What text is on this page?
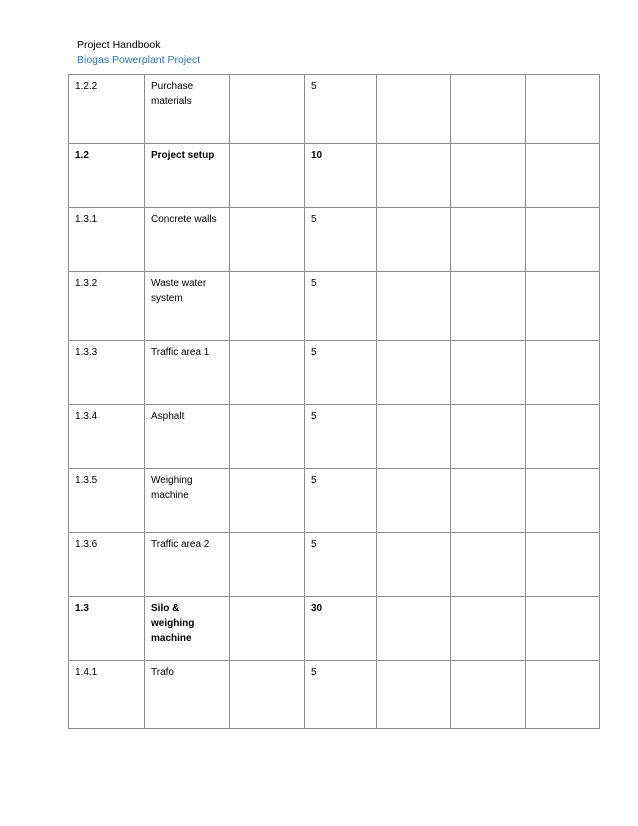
Project Handbook
Biogas Powerplant Project
1.2.2	Purchase materials		5			
1.2	Project setup		10			
1.3.1	Concrete walls		5			
1.3.2	Waste water system		5			
1.3.3	Traffic area 1		5			
1.3.4	Asphalt		5			
1.3.5	Weighing machine		5			
1.3.6	Traffic area 2		5			
1.3	Silo & weighing machine		30			
1.4.1	Trafo		5			
